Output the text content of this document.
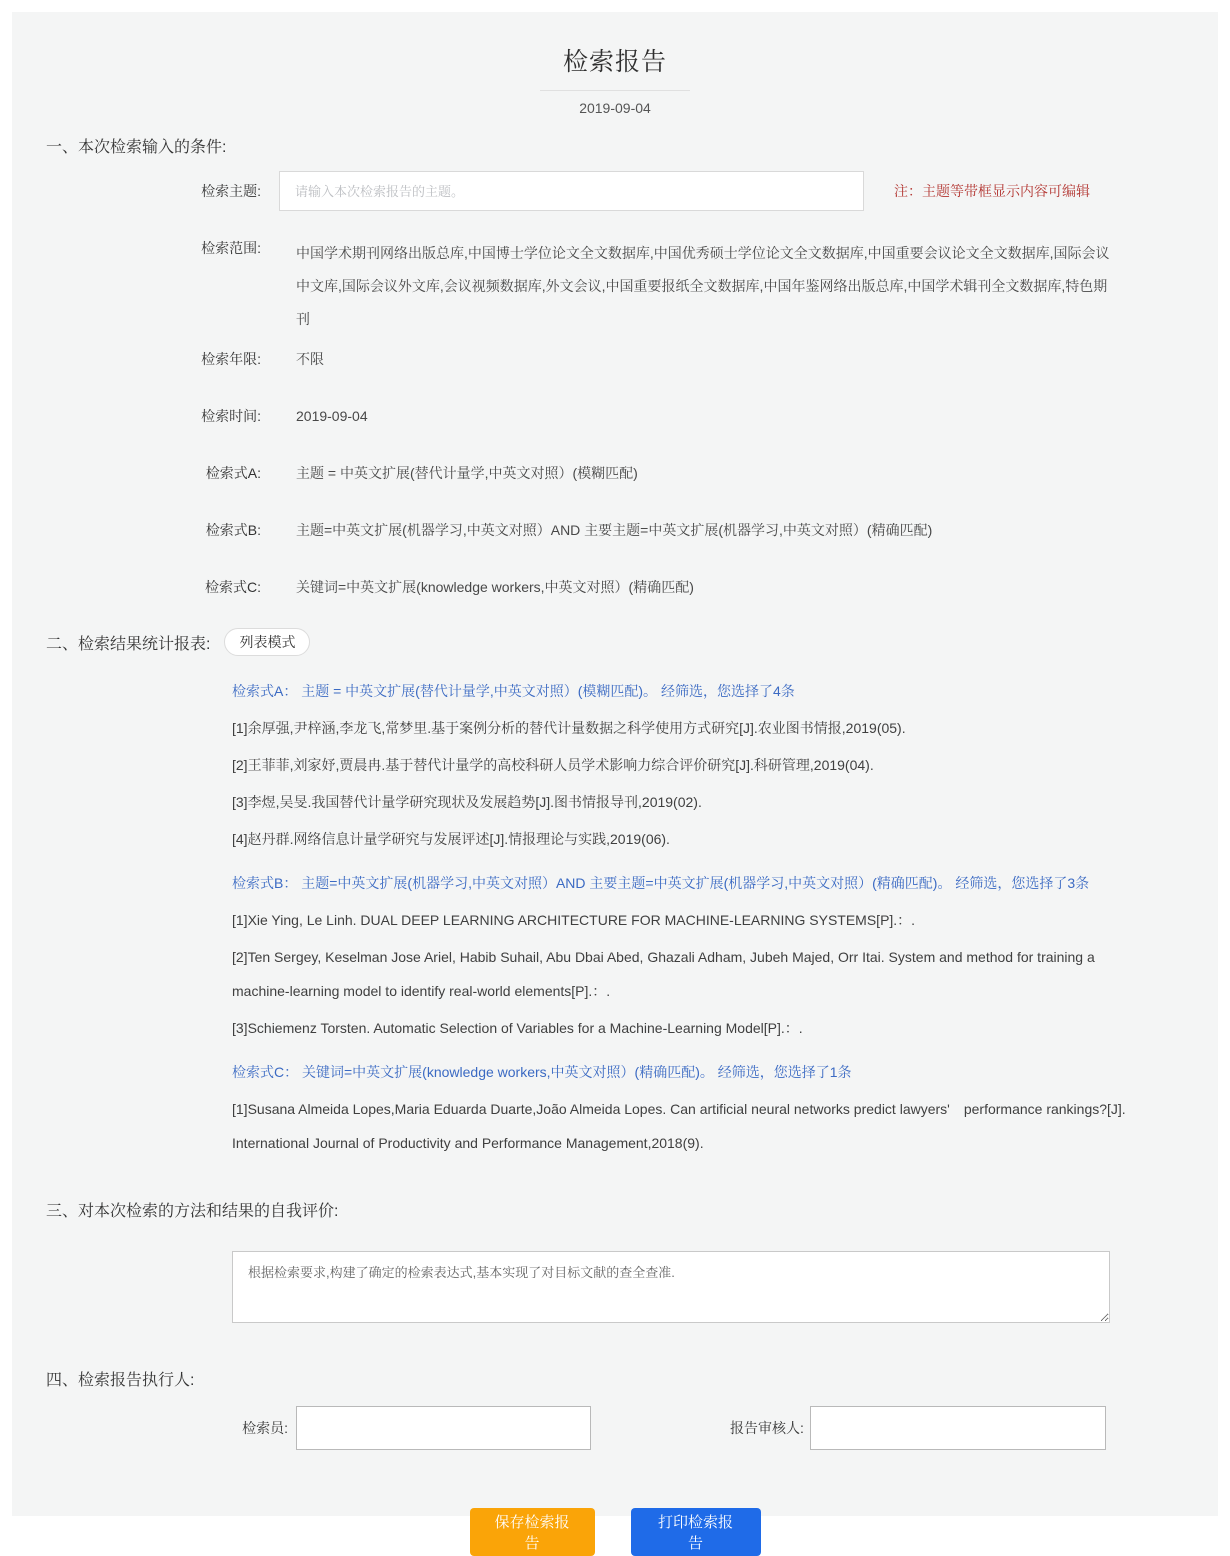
检索报告
2019-09-04
一、本次检索输入的条件:
检索主题:
请输入本次检索报告的主题。	注：主题等带框显示内容可编辑
检索范围:	中国学术期刊网络出版总库,中国博士学位论文全文数据库,中国优秀硕士学位论文全文数据库,中国重要会议论文全文数据库,国际会议中文库,国际会议外文库,会议视频数据库,外文会议,中国重要报纸全文数据库,中国年鉴网络出版总库,中国学术辑刊全文数据库,特色期刊
检索年限:	不限
检索时间:	2019-09-04
检索式A:	主题 = 中英文扩展(替代计量学,中英文对照）(模糊匹配)
检索式B:	主题=中英文扩展(机器学习,中英文对照）AND 主要主题=中英文扩展(机器学习,中英文对照）(精确匹配)
检索式C:	关键词=中英文扩展(knowledge workers,中英文对照）(精确匹配)
二、检索结果统计报表:	列表模式
检索式A： 主题 = 中英文扩展(替代计量学,中英文对照）(模糊匹配)。 经筛选，您选择了4条
[1]余厚强,尹梓涵,李龙飞,常梦里.基于案例分析的替代计量数据之科学使用方式研究[J].农业图书情报,2019(05).
[2]王菲菲,刘家妤,贾晨冉.基于替代计量学的高校科研人员学术影响力综合评价研究[J].科研管理,2019(04).
[3]李煜,吴旻.我国替代计量学研究现状及发展趋势[J].图书情报导刊,2019(02).
[4]赵丹群.网络信息计量学研究与发展评述[J].情报理论与实践,2019(06).
检索式B： 主题=中英文扩展(机器学习,中英文对照）AND 主要主题=中英文扩展(机器学习,中英文对照）(精确匹配)。 经筛选，您选择了3条
[1]Xie Ying, Le Linh. DUAL DEEP LEARNING ARCHITECTURE FOR MACHINE-LEARNING SYSTEMS[P].：.
[2]Ten Sergey, Keselman Jose Ariel, Habib Suhail, Abu Dbai Abed, Ghazali Adham, Jubeh Majed, Orr Itai. System and method for training a machine-learning model to identify real-world elements[P].：.
[3]Schiemenz Torsten. Automatic Selection of Variables for a Machine-Learning Model[P].：.
检索式C： 关键词=中英文扩展(knowledge workers,中英文对照）(精确匹配)。 经筛选，您选择了1条
[1]Susana Almeida Lopes,Maria Eduarda Duarte,João Almeida Lopes. Can artificial neural networks predict lawyers'　performance rankings?[J]. International Journal of Productivity and Performance Management,2018(9).
三、对本次检索的方法和结果的自我评价:
根据检索要求,构建了确定的检索表达式,基本实现了对目标文献的查全查准.
四、检索报告执行人:
检索员:	报告审核人:
保存检索报告
打印检索报告
